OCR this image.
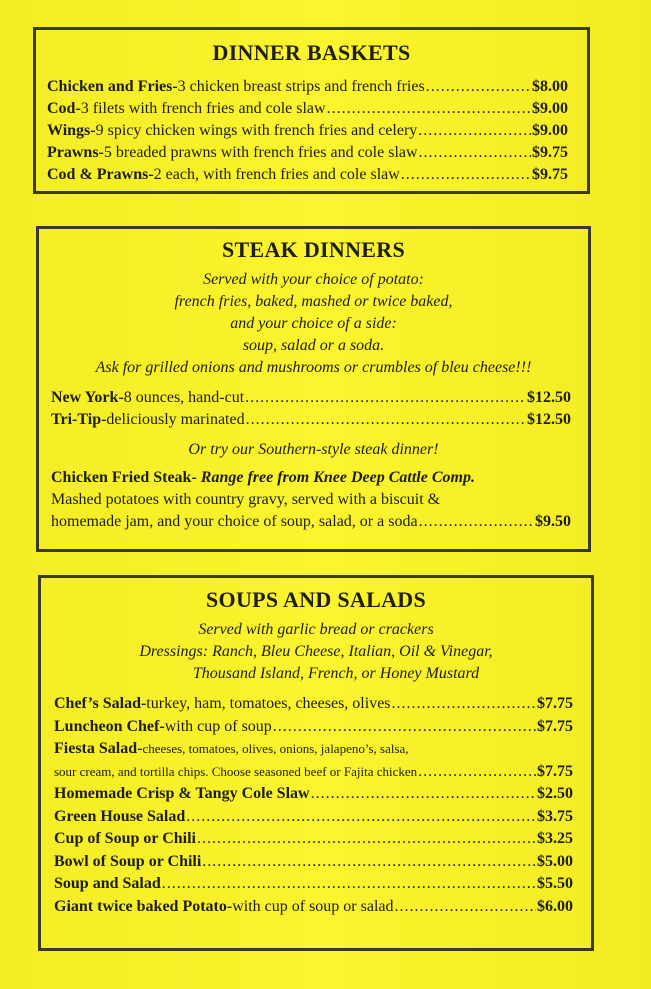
DINNER BASKETS
Chicken and Fries- 3 chicken breast strips and french fries .....	$8.00
Cod- 3 filets with french fries and cole slaw .....	$9.00
Wings- 9 spicy chicken wings with french fries and celery .....	$9.00
Prawns- 5 breaded prawns with french fries and cole slaw .....	$9.75
Cod & Prawns- 2 each, with french fries and cole slaw .....	$9.75
STEAK DINNERS
Served with your choice of potato:
french fries, baked, mashed or twice baked,
and your choice of a side:
soup, salad or a soda.
Ask for grilled onions and mushrooms or crumbles of bleu cheese!!!
New York- 8 ounces, hand-cut .....	$12.50
Tri-Tip- deliciously marinated .....	$12.50
Or try our Southern-style steak dinner!
Chicken Fried Steak- Range free from Knee Deep Cattle Comp.
Mashed potatoes with country gravy, served with a biscuit &
homemade jam, and your choice of soup, salad, or a soda .....	$9.50
SOUPS AND SALADS
Served with garlic bread or crackers
Dressings: Ranch, Bleu Cheese, Italian, Oil & Vinegar,
Thousand Island, French, or Honey Mustard
Chef’s Salad- turkey, ham, tomatoes, cheeses, olives .....	$7.75
Luncheon Chef- with cup of soup .....	$7.75
Fiesta Salad- cheeses, tomatoes, olives, onions, jalapeno’s, salsa,
sour cream, and tortilla chips. Choose seasoned beef or Fajita chicken .....	$7.75
Homemade Crisp & Tangy Cole Slaw .....	$2.50
Green House Salad .....	$3.75
Cup of Soup or Chili .....	$3.25
Bowl of Soup or Chili .....	$5.00
Soup and Salad .....	$5.50
Giant twice baked Potato- with cup of soup or salad .....	$6.00
